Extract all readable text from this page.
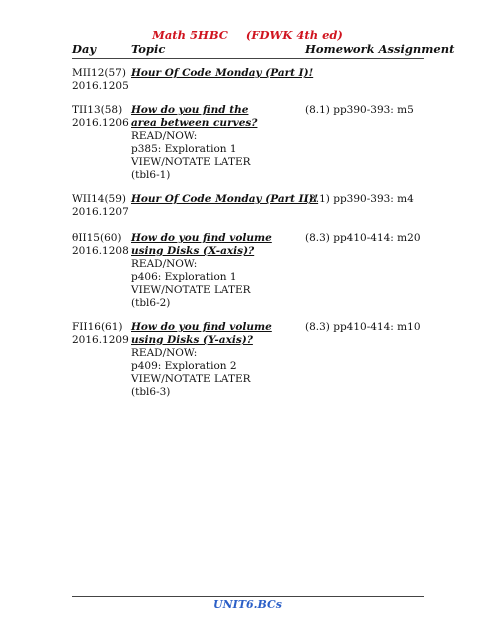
Math 5HBC (FDWK 4th ed)
Day	Topic	Homework Assignment
MII12(57)
2016.1205
Hour Of Code Monday (Part I)!
TII13(58)
2016.1206
How do you find the
area between curves?
READ/NOW:
p385: Exploration 1
VIEW/NOTATE LATER
(tbl6-1)
(8.1) pp390-393: m5
WII14(59)
2016.1207
Hour Of Code Monday (Part II)!
(8.1) pp390-393: m4
θII15(60)
2016.1208
How do you find volume
using Disks (X-axis)?
READ/NOW:
p406: Exploration 1
VIEW/NOTATE LATER
(tbl6-2)
(8.3) pp410-414: m20
FII16(61)
2016.1209
How do you find volume
using Disks (Y-axis)?
READ/NOW:
p409: Exploration 2
VIEW/NOTATE LATER
(tbl6-3)
(8.3) pp410-414: m10
UNIT6.BCs
